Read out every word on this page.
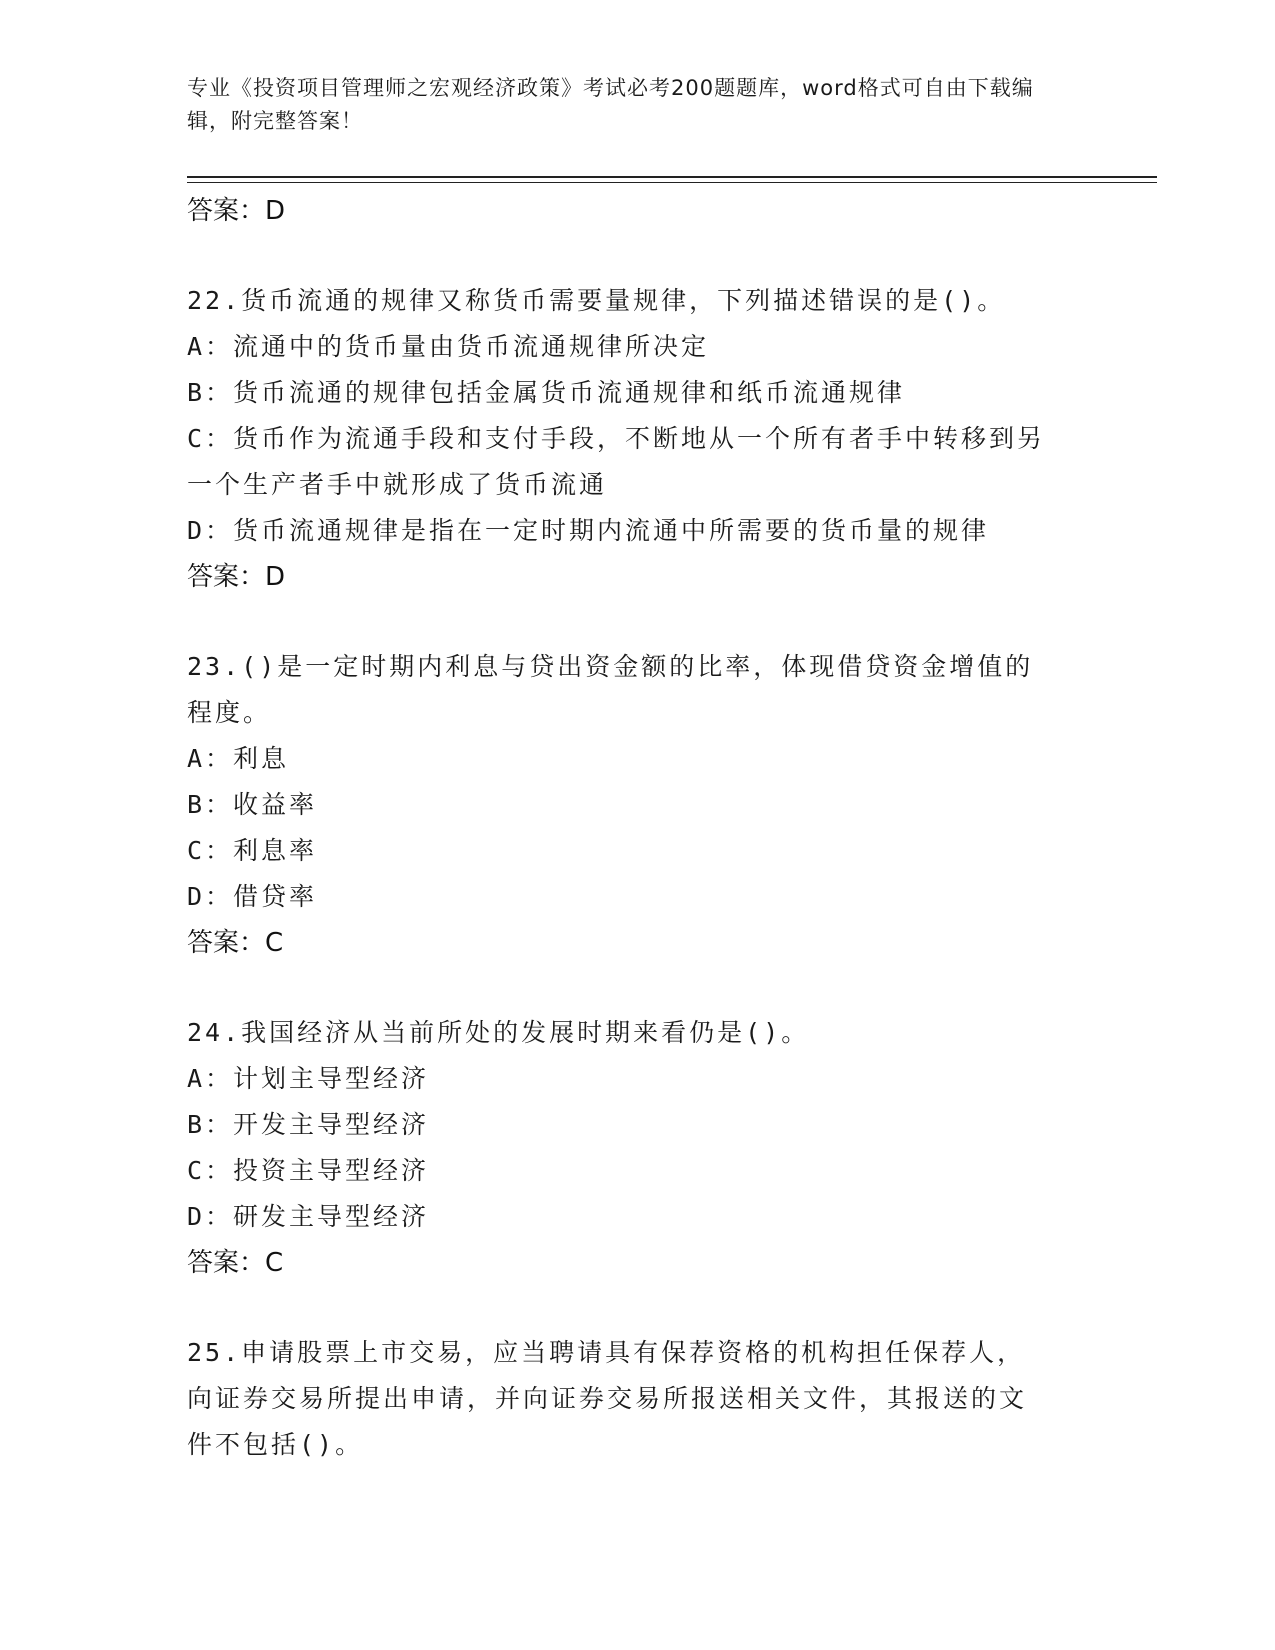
专业《投资项目管理师之宏观经济政策》考试必考200题题库，word格式可自由下载编辑，附完整答案！
答案：D
22.货币流通的规律又称货币需要量规律，下列描述错误的是()。
A：流通中的货币量由货币流通规律所决定
B：货币流通的规律包括金属货币流通规律和纸币流通规律
C：货币作为流通手段和支付手段，不断地从一个所有者手中转移到另一个生产者手中就形成了货币流通
D：货币流通规律是指在一定时期内流通中所需要的货币量的规律
答案：D
23.()是一定时期内利息与贷出资金额的比率，体现借贷资金增值的程度。
A：利息
B：收益率
C：利息率
D：借贷率
答案：C
24.我国经济从当前所处的发展时期来看仍是()。
A：计划主导型经济
B：开发主导型经济
C：投资主导型经济
D：研发主导型经济
答案：C
25.申请股票上市交易，应当聘请具有保荐资格的机构担任保荐人，向证券交易所提出申请，并向证券交易所报送相关文件，其报送的文件不包括()。
